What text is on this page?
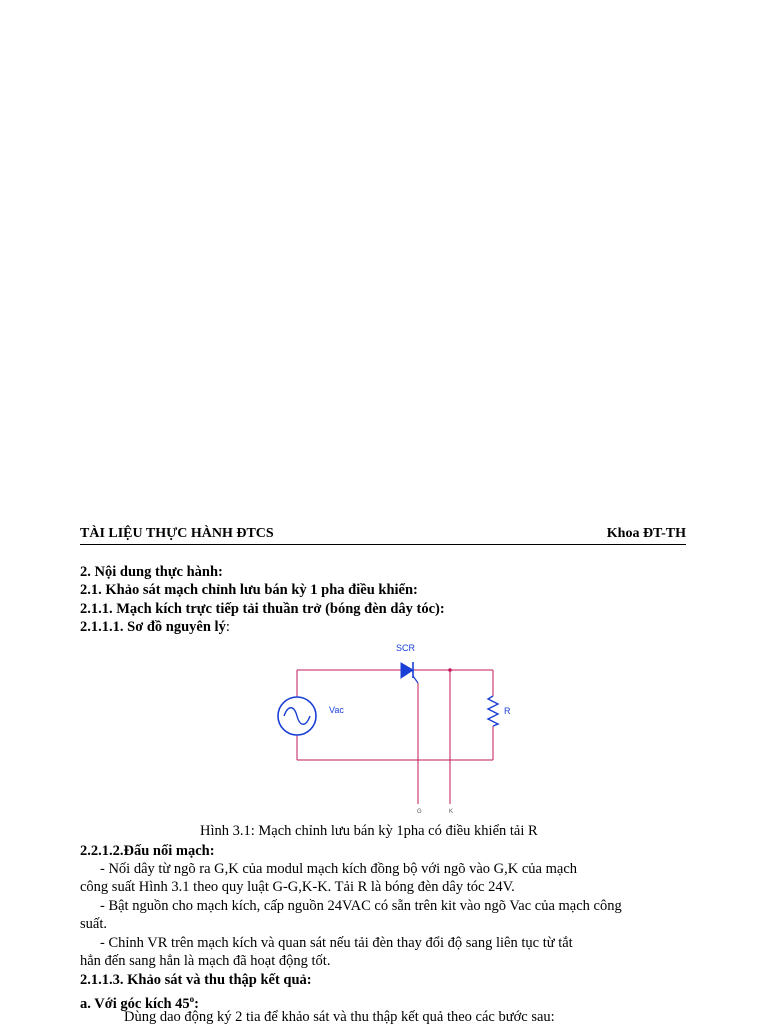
TÀI LIỆU THỰC HÀNH ĐTCS	Khoa ĐT-TH
2. Nội dung thực hành:
2.1. Khảo sát mạch chỉnh lưu bán kỳ 1 pha điều khiển:
2.1.1. Mạch kích trực tiếp tải thuần trở (bóng đèn dây tóc):
2.1.1.1. Sơ đồ nguyên lý:
SCR
Vac	R
G	K
Hình 3.1: Mạch chỉnh lưu bán kỳ 1pha có điều khiển tải R
2.2.1.2.Đấu nối mạch:
- Nối dây từ ngõ ra G,K của modul mạch kích đồng bộ với ngõ vào G,K của mạch
công suất Hình 3.1 theo quy luật G-G,K-K. Tải R là bóng đèn dây tóc 24V.
- Bật nguồn cho mạch kích, cấp nguồn 24VAC có sẵn trên kit vào ngõ Vac của mạch công
suất.
- Chỉnh VR trên mạch kích và quan sát nếu tải đèn thay đổi độ sang liên tục từ tắt
hẳn đến sang hẳn là mạch đã hoạt động tốt.
2.1.1.3. Khảo sát và thu thập kết quả:
a. Với góc kích 45$^o$:
Dùng dao động ký 2 tia để khảo sát và thu thập kết quả theo các bước sau:
